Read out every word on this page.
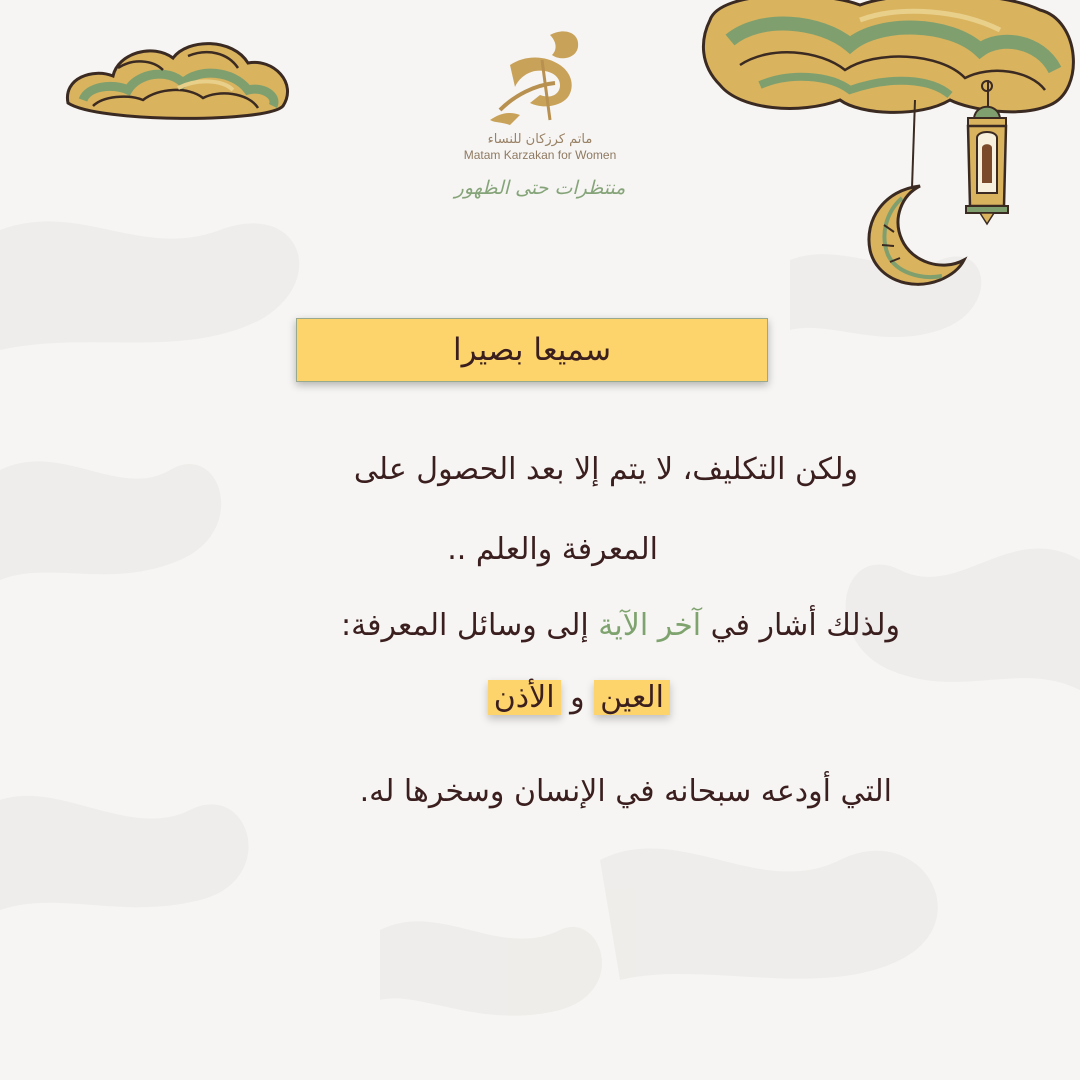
ماتم كرزكان للنساء
Matam Karzakan for Women
منتظرات حتى الظهور
سميعا بصيرا
ولكن التكليف، لا يتم إلا بعد الحصول على
المعرفة والعلم ..
ولذلك أشار في آخر الآية إلى وسائل المعرفة:
العين و الأذن
التي أودعه سبحانه في الإنسان وسخرها له.
